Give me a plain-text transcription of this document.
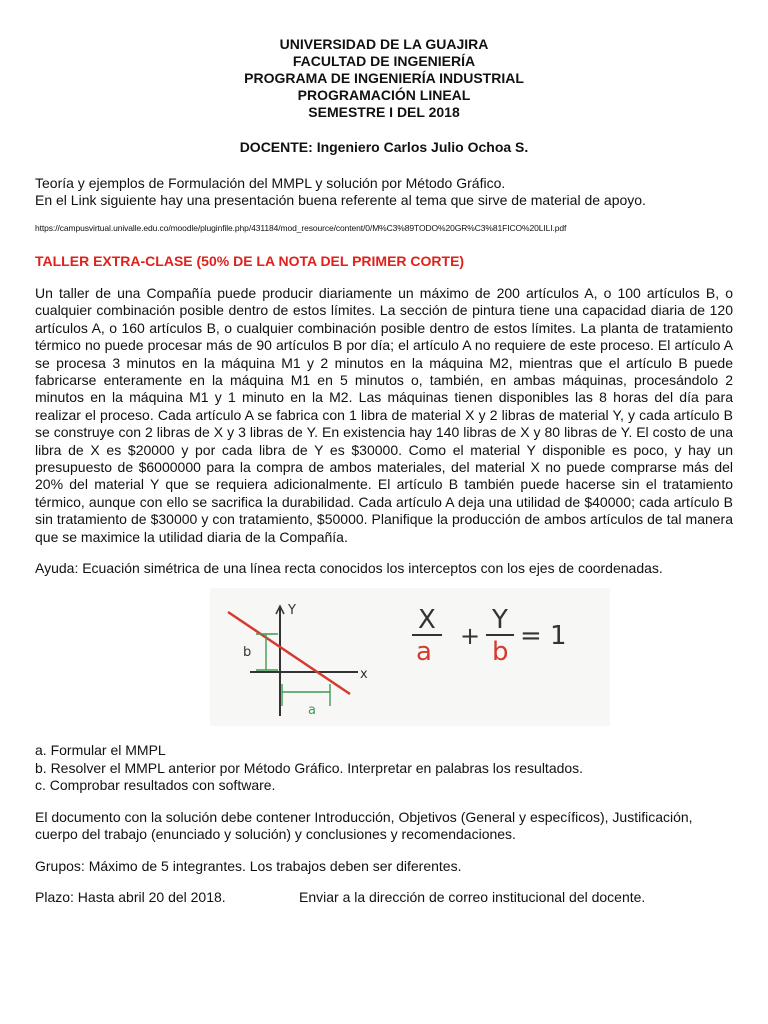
UNIVERSIDAD DE LA GUAJIRA
FACULTAD DE INGENIERÍA
PROGRAMA DE INGENIERÍA INDUSTRIAL
PROGRAMACIÓN LINEAL
SEMESTRE I DEL 2018
DOCENTE: Ingeniero Carlos Julio Ochoa S.
Teoría y ejemplos de Formulación del MMPL y solución por Método Gráfico.
En el Link siguiente hay una presentación buena referente al tema que sirve de material de apoyo.
https://campusvirtual.univalle.edu.co/moodle/pluginfile.php/431184/mod_resource/content/0/M%C3%89TODO%20GR%C3%81FICO%20LILI.pdf
TALLER EXTRA-CLASE (50% DE LA NOTA DEL PRIMER CORTE)
Un taller de una Compañía puede producir diariamente un máximo de 200 artículos A, o 100 artículos B, o cualquier combinación posible dentro de estos límites. La sección de pintura tiene una capacidad diaria de 120 artículos A, o 160 artículos B, o cualquier combinación posible dentro de estos límites. La planta de tratamiento térmico no puede procesar más de 90 artículos B por día; el artículo A no requiere de este proceso. El artículo A se procesa 3 minutos en la máquina M1 y 2 minutos en la máquina M2, mientras que el artículo B puede fabricarse enteramente en la máquina M1 en 5 minutos o, también, en ambas máquinas, procesándolo 2 minutos en la máquina M1 y 1 minuto en la M2. Las máquinas tienen disponibles las 8 horas del día para realizar el proceso. Cada artículo A se fabrica con 1 libra de material X y 2 libras de material Y, y cada artículo B se construye con 2 libras de X y 3 libras de Y. En existencia hay 140 libras de X y 80 libras de Y. El costo de una libra de X es $20000 y por cada libra de Y es $30000. Como el material Y disponible es poco, y hay un presupuesto de $6000000 para la compra de ambos materiales, del material X no puede comprarse más del 20% del material Y que se requiera adicionalmente. El artículo B también puede hacerse sin el tratamiento térmico, aunque con ello se sacrifica la durabilidad. Cada artículo A deja una utilidad de $40000; cada artículo B sin tratamiento de $30000 y con tratamiento, $50000. Planifique la producción de ambos artículos de tal manera que se maximice la utilidad diaria de la Compañía.
Ayuda: Ecuación simétrica de una línea recta conocidos los interceptos con los ejes de coordenadas.
Y
x
b
a
X
a
+
Y
b
= 1
a. Formular el MMPL
b. Resolver el MMPL anterior por Método Gráfico. Interpretar en palabras los resultados.
c. Comprobar resultados con software.
El documento con la solución debe contener Introducción, Objetivos (General y específicos), Justificación, cuerpo del trabajo (enunciado y solución) y conclusiones y recomendaciones.
Grupos: Máximo de 5 integrantes. Los trabajos deben ser diferentes.
Plazo: Hasta abril 20 del 2018.	Enviar a la dirección de correo institucional del docente.
